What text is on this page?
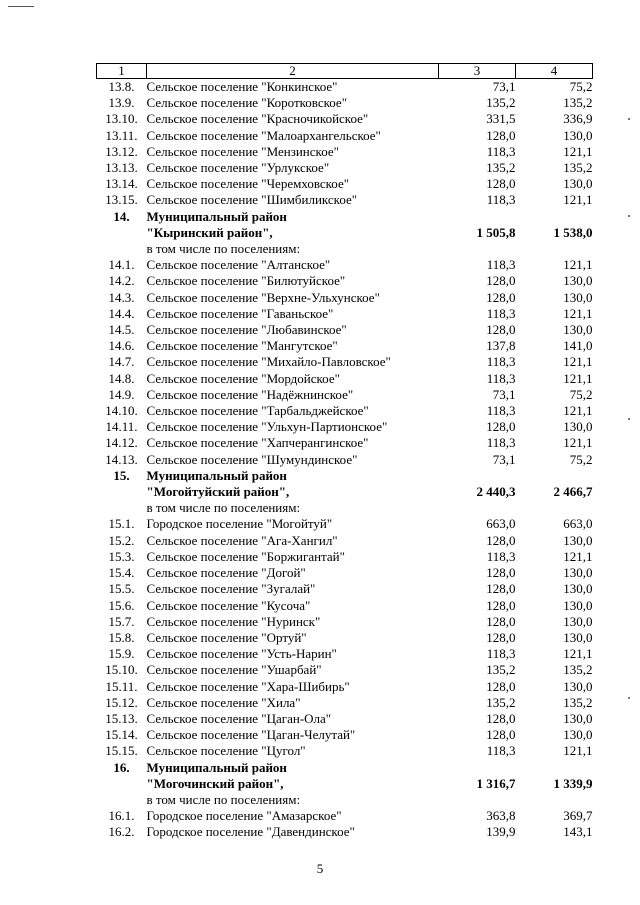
1	2	3	4
13.8.	Сельское поселение "Конкинское"	73,1	75,2
13.9.	Сельское поселение "Коротковское"	135,2	135,2
13.10.	Сельское поселение "Красночикойское"	331,5	336,9
13.11.	Сельское поселение "Малоархангельское"	128,0	130,0
13.12.	Сельское поселение "Мензинское"	118,3	121,1
13.13.	Сельское поселение "Урлукское"	135,2	135,2
13.14.	Сельское поселение "Черемховское"	128,0	130,0
13.15.	Сельское поселение "Шимбиликское"	118,3	121,1
14.	Муниципальный район		
	"Кыринский район",	1 505,8	1 538,0
	в том числе по поселениям:		
14.1.	Сельское поселение "Алтанское"	118,3	121,1
14.2.	Сельское поселение "Билютуйское"	128,0	130,0
14.3.	Сельское поселение "Верхне-Ульхунское"	128,0	130,0
14.4.	Сельское поселение "Гаваньское"	118,3	121,1
14.5.	Сельское поселение "Любавинское"	128,0	130,0
14.6.	Сельское поселение "Мангутское"	137,8	141,0
14.7.	Сельское поселение "Михайло-Павловское"	118,3	121,1
14.8.	Сельское поселение "Мордойское"	118,3	121,1
14.9.	Сельское поселение "Надёжнинское"	73,1	75,2
14.10.	Сельское поселение "Тарбальджейское"	118,3	121,1
14.11.	Сельское поселение "Ульхун-Партионское"	128,0	130,0
14.12.	Сельское поселение "Хапчерангинское"	118,3	121,1
14.13.	Сельское поселение "Шумундинское"	73,1	75,2
15.	Муниципальный район		
	"Могойтуйский район",	2 440,3	2 466,7
	в том числе по поселениям:		
15.1.	Городское поселение "Могойтуй"	663,0	663,0
15.2.	Сельское поселение "Ага-Хангил"	128,0	130,0
15.3.	Сельское поселение "Боржигантай"	118,3	121,1
15.4.	Сельское поселение "Догой"	128,0	130,0
15.5.	Сельское поселение "Зугалай"	128,0	130,0
15.6.	Сельское поселение "Кусоча"	128,0	130,0
15.7.	Сельское поселение "Нуринск"	128,0	130,0
15.8.	Сельское поселение "Ортуй"	128,0	130,0
15.9.	Сельское поселение "Усть-Нарин"	118,3	121,1
15.10.	Сельское поселение "Ушарбай"	135,2	135,2
15.11.	Сельское поселение "Хара-Шибирь"	128,0	130,0
15.12.	Сельское поселение "Хила"	135,2	135,2
15.13.	Сельское поселение "Цаган-Ола"	128,0	130,0
15.14.	Сельское поселение "Цаган-Челутай"	128,0	130,0
15.15.	Сельское поселение "Цугол"	118,3	121,1
16.	Муниципальный район		
	"Могочинский район",	1 316,7	1 339,9
	в том числе по поселениям:		
16.1.	Городское поселение "Амазарское"	363,8	369,7
16.2.	Городское поселение "Давендинское"	139,9	143,1
5
